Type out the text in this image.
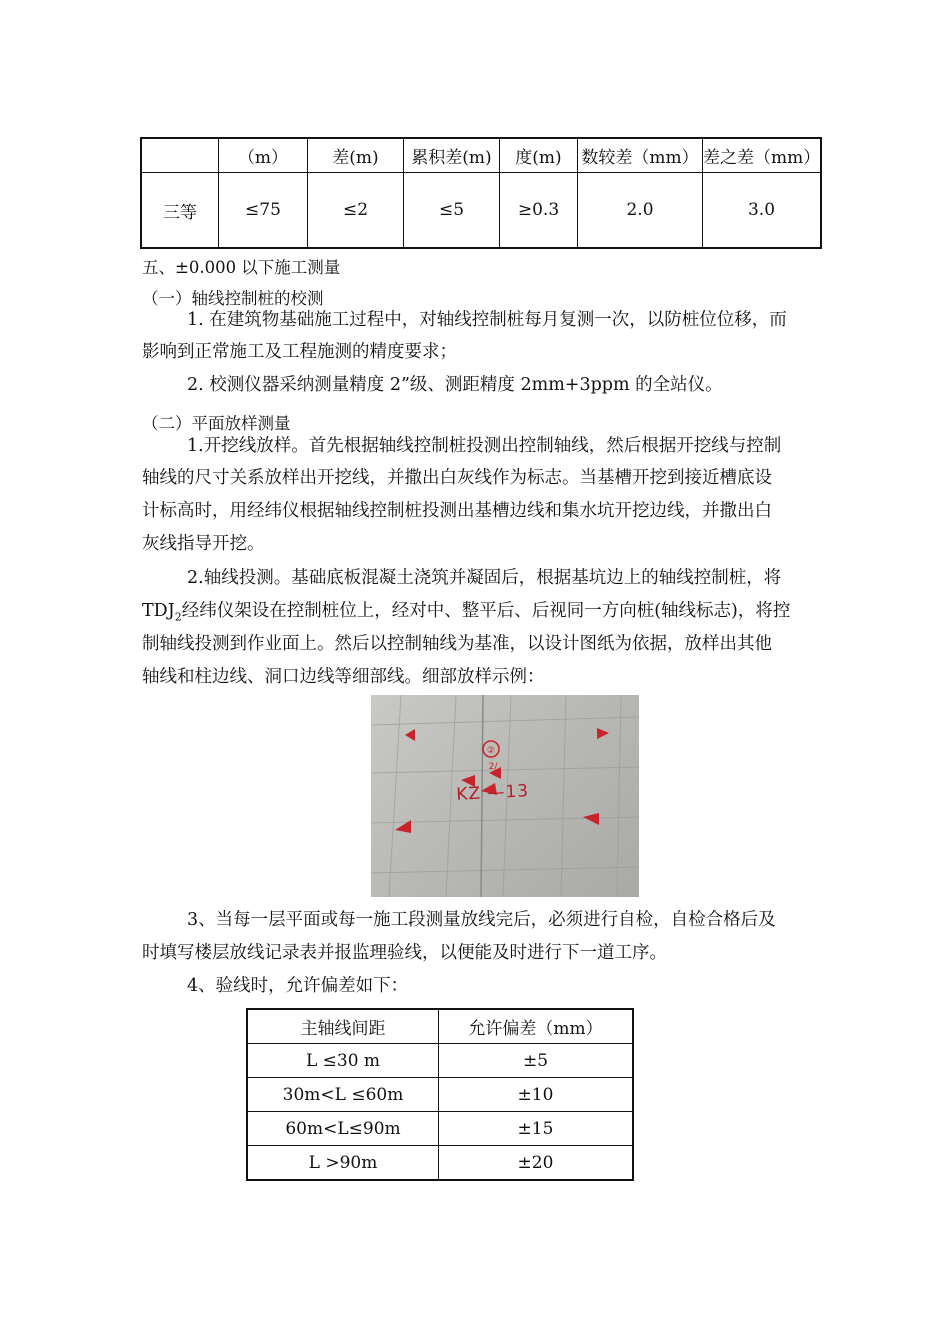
	（m）	差(m)	累积差(m)	度(m)	数较差（mm）	差之差（mm）
三等	≤75	≤2	≤5	≥0.3	2.0	3.0
五、±0.000 以下施工测量
（一）轴线控制桩的校测
1. 在建筑物基础施工过程中，对轴线控制桩每月复测一次，以防桩位位移，而
影响到正常施工及工程施测的精度要求；
2. 校测仪器采纳测量精度 2”级、测距精度 2mm+3ppm 的全站仪。
（二）平面放样测量
1.开挖线放样。首先根据轴线控制桩投测出控制轴线，然后根据开挖线与控制
轴线的尺寸关系放样出开挖线，并撒出白灰线作为标志。当基槽开挖到接近槽底设
计标高时，用经纬仪根据轴线控制桩投测出基槽边线和集水坑开挖边线，并撒出白
灰线指导开挖。
2.轴线投测。基础底板混凝土浇筑并凝固后，根据基坑边上的轴线控制桩，将
$TDJ_2$经纬仪架设在控制桩位上，经对中、整平后、后视同一方向桩(轴线标志)，将控
制轴线投测到作业面上。然后以控制轴线为基准，以设计图纸为依据，放样出其他
轴线和柱边线、洞口边线等细部线。细部放样示例：
②
2/
KZ —13
3、当每一层平面或每一施工段测量放线完后，必须进行自检，自检合格后及
时填写楼层放线记录表并报监理验线，以便能及时进行下一道工序。
4、验线时，允许偏差如下：
主轴线间距	允许偏差（mm）
L ≤30 m	±5
30m<L ≤60m	±10
60m<L≤90m	±15
L >90m	±20
